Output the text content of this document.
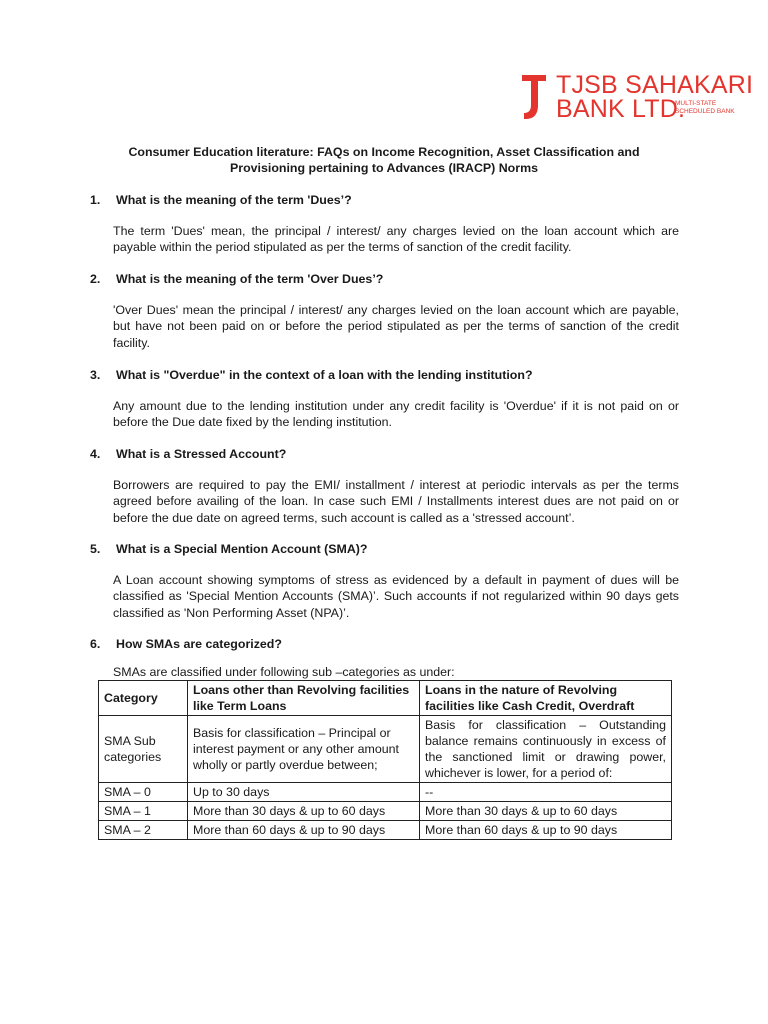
TJSB SAHAKARI
BANK LTD.
MULTI-STATE SCHEDULED BANK
Consumer Education literature: FAQs on Income Recognition, Asset Classification and Provisioning pertaining to Advances (IRACP) Norms
1. What is the meaning of the term 'Dues’?
The term 'Dues' mean, the principal / interest/ any charges levied on the loan account which are payable within the period stipulated as per the terms of sanction of the credit facility.
2. What is the meaning of the term 'Over Dues’?
'Over Dues' mean the principal / interest/ any charges levied on the loan account which are payable, but have not been paid on or before the period stipulated as per the terms of sanction of the credit facility.
3. What is "Overdue" in the context of a loan with the lending institution?
Any amount due to the lending institution under any credit facility is 'Overdue' if it is not paid on or before the Due date fixed by the lending institution.
4. What is a Stressed Account?
Borrowers are required to pay the EMI/ installment / interest at periodic intervals as per the terms agreed before availing of the loan. In case such EMI / Installments interest dues are not paid on or before the due date on agreed terms, such account is called as a 'stressed account’.
5. What is a Special Mention Account (SMA)?
A Loan account showing symptoms of stress as evidenced by a default in payment of dues will be classified as 'Special Mention Accounts (SMA)’. Such accounts if not regularized within 90 days gets classified as 'Non Performing Asset (NPA)’.
6. How SMAs are categorized?
SMAs are classified under following sub –categories as under:
Category	Loans other than Revolving facilities like Term Loans	Loans in the nature of Revolving facilities like Cash Credit, Overdraft
SMA Sub categories	Basis for classification – Principal or interest payment or any other amount wholly or partly overdue between;	Basis for classification – Outstanding balance remains continuously in excess of the sanctioned limit or drawing power, whichever is lower, for a period of:
SMA – 0	Up to 30 days	--
SMA – 1	More than 30 days & up to 60 days	More than 30 days & up to 60 days
SMA – 2	More than 60 days & up to 90 days	More than 60 days & up to 90 days
